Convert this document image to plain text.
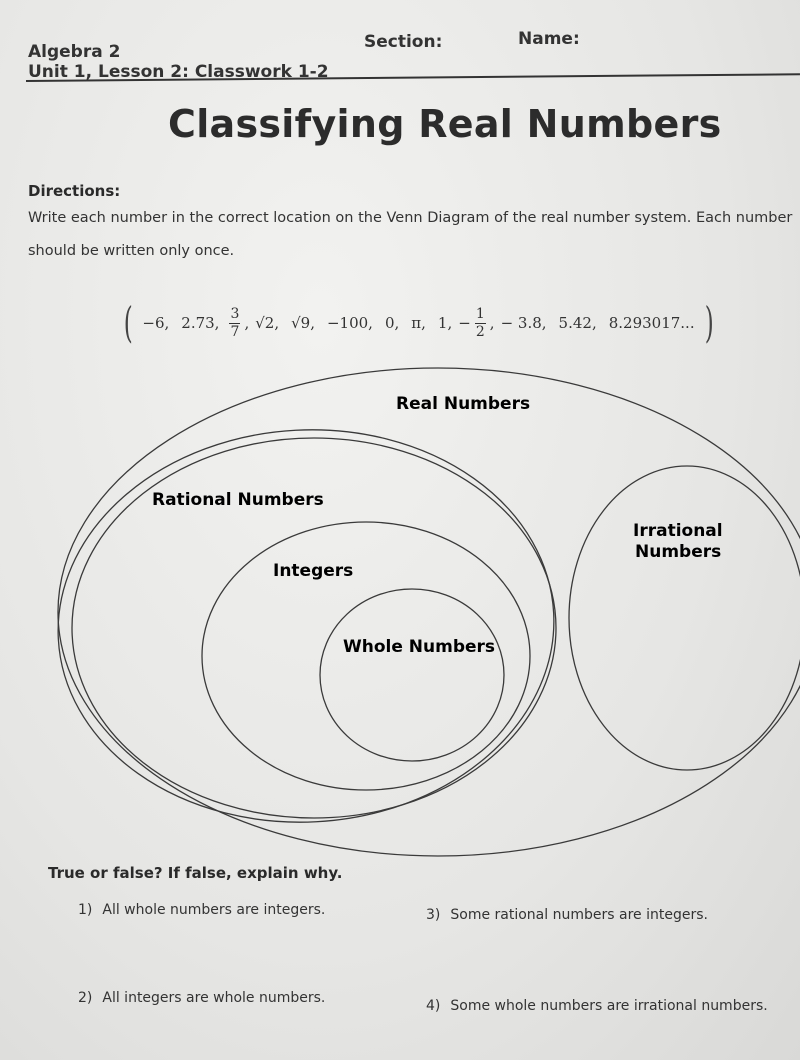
Algebra 2
Unit 1, Lesson 2: Classwork 1-2
Section:	Name:
Classifying Real Numbers
Directions:
Write each number in the correct location on the Venn Diagram of the real number system. Each number
should be written only once.
( −6, 2.73, $\frac{3}{7}$ , √2, √9, −100, 0, π, 1, − $\frac{1}{2}$ , − 3.8, 5.42, 8.293017... )
Real Numbers
Rational Numbers
Integers
Whole Numbers
Irrational
Numbers
True or false? If false, explain why.
1) All whole numbers are integers.
2) All integers are whole numbers.
3) Some rational numbers are integers.
4) Some whole numbers are irrational numbers.
